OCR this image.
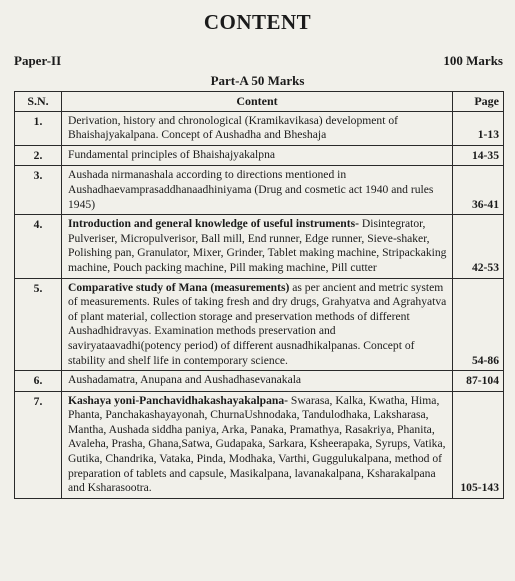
CONTENT
Paper-II	100 Marks
Part-A 50 Marks
S.N.	Content	Page
1.	Derivation, history and chronological (Kramikavikasa) development of Bhaishajyakalpana. Concept of Aushadha and Bheshaja	1-13
2.	Fundamental principles of Bhaishajyakalpna	14-35
3.	Aushada nirmanashala according to directions mentioned in Aushadhaevamprasaddhanaadhiniyama (Drug and cosmetic act 1940 and rules 1945)	36-41
4.	Introduction and general knowledge of useful instruments- Disintegrator, Pulveriser, Micropulverisor, Ball mill, End runner, Edge runner, Sieve-shaker, Polishing pan, Granulator, Mixer, Grinder, Tablet making machine, Stripackaking machine, Pouch packing machine, Pill making machine, Pill cutter	42-53
5.	Comparative study of Mana (measurements) as per ancient and metric system of measurements. Rules of taking fresh and dry drugs, Grahyatva and Agrahyatva of plant material, collection storage and preservation methods of different Aushadhidravyas. Examination methods preservation and saviryataavadhi(potency period) of different ausnadhikalpanas. Concept of stability and shelf life in contemporary science.	54-86
6.	Aushadamatra, Anupana and Aushadhasevanakala	87-104
7.	Kashaya yoni-Panchavidhakashayakalpana- Swarasa, Kalka, Kwatha, Hima, Phanta, Panchakashayayonah, ChurnaUshnodaka, Tandulodhaka, Laksharasa, Mantha, Aushada siddha paniya, Arka, Panaka, Pramathya, Rasakriya, Phanita, Avaleha, Prasha, Ghana,Satwa, Gudapaka, Sarkara, Ksheerapaka, Syrups, Vatika, Gutika, Chandrika, Vataka, Pinda, Modhaka, Varthi, Guggulukalpana, method of preparation of tablets and capsule, Masikalpana, lavanakalpana, Ksharakalpana and Ksharasootra.	105-143
